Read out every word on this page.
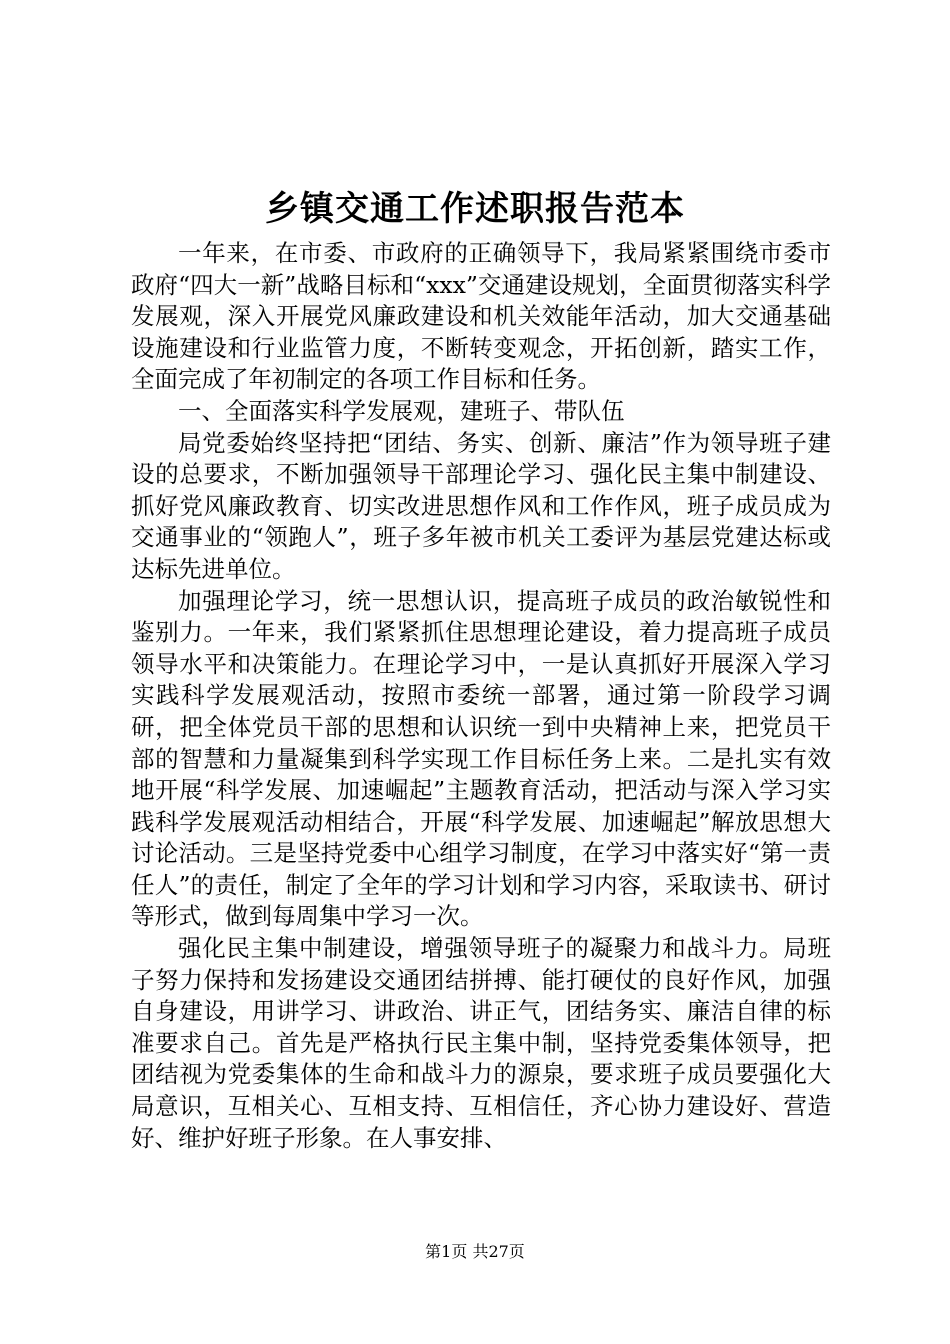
乡镇交通工作述职报告范本

一年来，在市委、市政府的正确领导下，我局紧紧围绕市委市政府“四大一新”战略目标和“xxx”交通建设规划，全面贯彻落实科学发展观，深入开展党风廉政建设和机关效能年活动，加大交通基础设施建设和行业监管力度，不断转变观念，开拓创新，踏实工作，全面完成了年初制定的各项工作目标和任务。

一、全面落实科学发展观，建班子、带队伍

局党委始终坚持把“团结、务实、创新、廉洁”作为领导班子建设的总要求，不断加强领导干部理论学习、强化民主集中制建设、抓好党风廉政教育、切实改进思想作风和工作作风，班子成员成为交通事业的“领跑人”，班子多年被市机关工委评为基层党建达标或达标先进单位。

加强理论学习，统一思想认识，提高班子成员的政治敏锐性和鉴别力。一年来，我们紧紧抓住思想理论建设，着力提高班子成员领导水平和决策能力。在理论学习中，一是认真抓好开展深入学习实践科学发展观活动，按照市委统一部署，通过第一阶段学习调研，把全体党员干部的思想和认识统一到中央精神上来，把党员干部的智慧和力量凝集到科学实现工作目标任务上来。二是扎实有效地开展“科学发展、加速崛起”主题教育活动，把活动与深入学习实践科学发展观活动相结合，开展“科学发展、加速崛起”解放思想大讨论活动。三是坚持党委中心组学习制度，在学习中落实好“第一责任人”的责任，制定了全年的学习计划和学习内容，采取读书、研讨等形式，做到每周集中学习一次。

强化民主集中制建设，增强领导班子的凝聚力和战斗力。局班子努力保持和发扬建设交通团结拼搏、能打硬仗的良好作风，加强自身建设，用讲学习、讲政治、讲正气，团结务实、廉洁自律的标准要求自己。首先是严格执行民主集中制，坚持党委集体领导，把团结视为党委集体的生命和战斗力的源泉，要求班子成员要强化大局意识，互相关心、互相支持、互相信任，齐心协力建设好、营造好、维护好班子形象。在人事安排、

第1页 共27页
